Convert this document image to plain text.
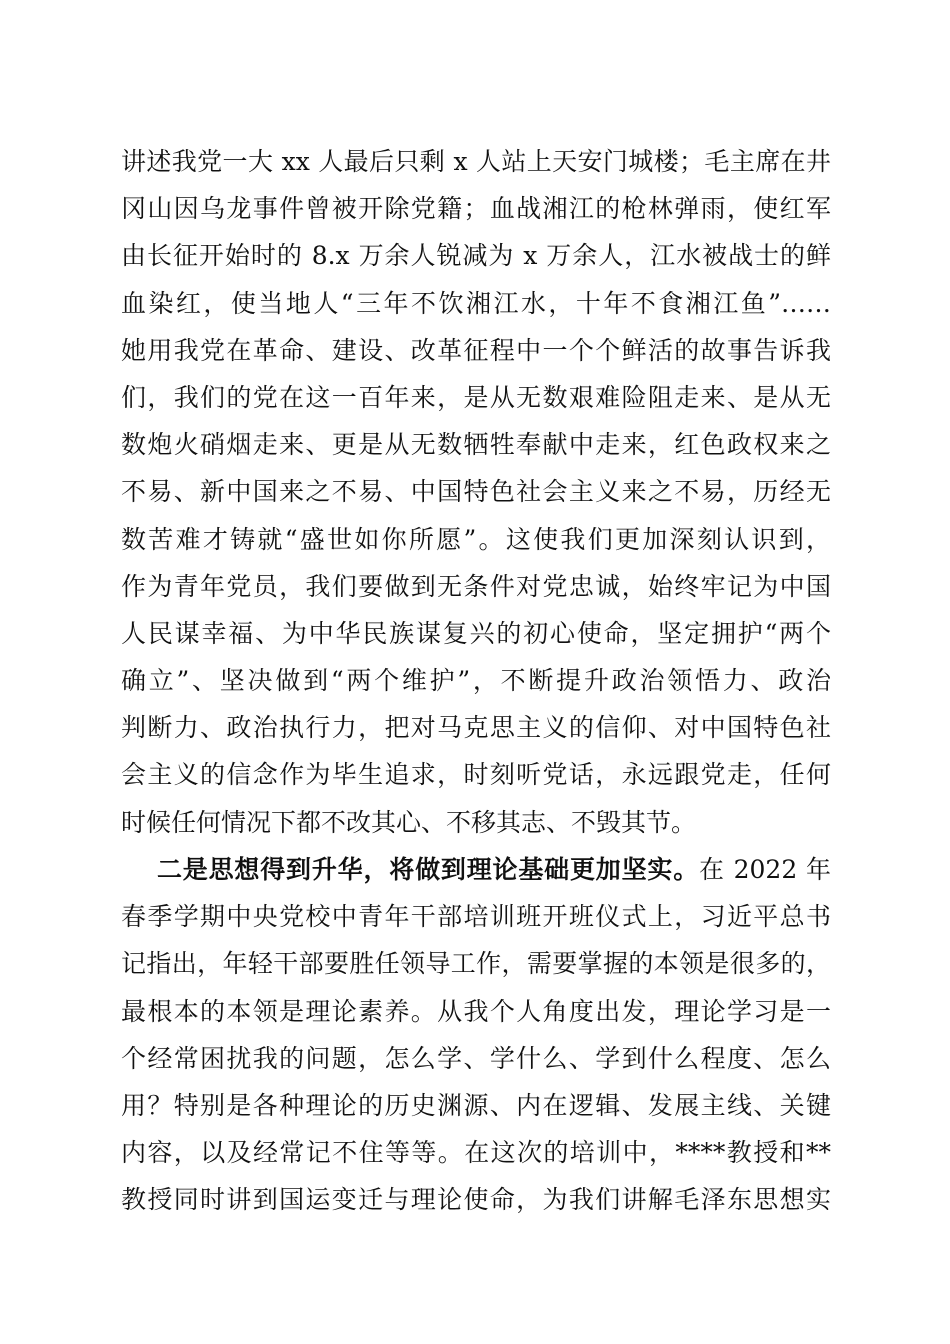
讲述我党一大 xx 人最后只剩 x 人站上天安门城楼；毛主席在井
冈山因乌龙事件曾被开除党籍；血战湘江的枪林弹雨，使红军
由长征开始时的 8.x 万余人锐减为 x 万余人，江水被战士的鲜
血染红，使当地人“三年不饮湘江水，十年不食湘江鱼”……
她用我党在革命、建设、改革征程中一个个鲜活的故事告诉我
们，我们的党在这一百年来，是从无数艰难险阻走来、是从无
数炮火硝烟走来、更是从无数牺牲奉献中走来，红色政权来之
不易、新中国来之不易、中国特色社会主义来之不易，历经无
数苦难才铸就“盛世如你所愿”。这使我们更加深刻认识到，
作为青年党员，我们要做到无条件对党忠诚，始终牢记为中国
人民谋幸福、为中华民族谋复兴的初心使命，坚定拥护“两个
确立”、坚决做到“两个维护”，不断提升政治领悟力、政治
判断力、政治执行力，把对马克思主义的信仰、对中国特色社
会主义的信念作为毕生追求，时刻听党话，永远跟党走，任何
时候任何情况下都不改其心、不移其志、不毁其节。
二是思想得到升华，将做到理论基础更加坚实。在 2022 年
春季学期中央党校中青年干部培训班开班仪式上，习近平总书
记指出，年轻干部要胜任领导工作，需要掌握的本领是很多的，
最根本的本领是理论素养。从我个人角度出发，理论学习是一
个经常困扰我的问题，怎么学、学什么、学到什么程度、怎么
用？特别是各种理论的历史渊源、内在逻辑、发展主线、关键
内容，以及经常记不住等等。在这次的培训中，****教授和**
教授同时讲到国运变迁与理论使命，为我们讲解毛泽东思想实
